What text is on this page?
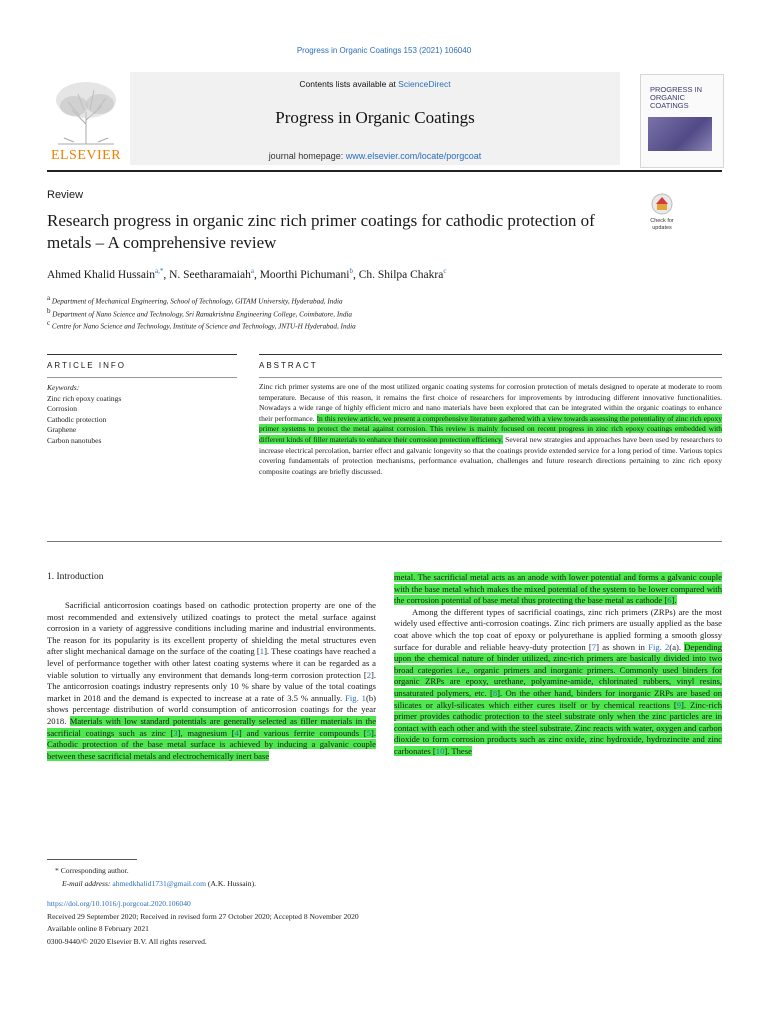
Progress in Organic Coatings 153 (2021) 106040
Contents lists available at ScienceDirect
Progress in Organic Coatings
journal homepage: www.elsevier.com/locate/porgcoat
ELSEVIER
PROGRESS IN ORGANIC COATINGS
Review
Research progress in organic zinc rich primer coatings for cathodic protection of metals – A comprehensive review
Check for
updates
Ahmed Khalid Hussain$^{a,*}$, N. Seetharamaiah$^a$, Moorthi Pichumani$^b$, Ch. Shilpa Chakra$^c$
a Department of Mechanical Engineering, School of Technology, GITAM University, Hyderabad, India
b Department of Nano Science and Technology, Sri Ramakrishna Engineering College, Coimbatore, India
c Centre for Nano Science and Technology, Institute of Science and Technology, JNTU-H Hyderabad, India
ARTICLE INFO	ABSTRACT
Keywords:
Zinc rich epoxy coatings
Corrosion
Cathodic protection
Graphene
Carbon nanotubes
Zinc rich primer systems are one of the most utilized organic coating systems for corrosion protection of metals designed to operate at moderate to room temperature. Because of this reason, it remains the first choice of researchers for improvements by introducing different innovative functionalities. Nowadays a wide range of highly efficient micro and nano materials have been explored that can be integrated within the organic coatings to enhance their performance. In this review article, we present a comprehensive literature gathered with a view towards assessing the potentiality of zinc rich epoxy primer systems to protect the metal against corrosion. This review is mainly focused on recent progress in zinc rich epoxy coatings embedded with different kinds of filler materials to enhance their corrosion protection efficiency. Several new strategies and approaches have been used by researchers to increase electrical percolation, barrier effect and galvanic longevity so that the coatings provide extended service for a long period of time. Various topics covering fundamentals of protection mechanisms, performance evaluation, challenges and future research directions pertaining to zinc rich epoxy composite coatings are briefly discussed.
1. Introduction
Sacrificial anticorrosion coatings based on cathodic protection property are one of the most recommended and extensively utilized coatings to protect the metal surface against corrosion in a variety of aggressive conditions including marine and industrial environments. The reason for its popularity is its excellent property of shielding the metal structures even after slight mechanical damage on the surface of the coating [1]. These coatings have reached a level of performance together with other latest coating systems where it can be regarded as a viable solution to virtually any environment that demands long-term corrosion protection [2]. The anticorrosion coatings industry represents only 10 % share by value of the total coatings market in 2018 and the demand is expected to increase at a rate of 3.5 % annually. Fig. 1(b) shows percentage distribution of world consumption of anticorrosion coatings for the year 2018. Materials with low standard potentials are generally selected as filler materials in the sacrificial coatings such as zinc [3], magnesium [4] and various ferrite compounds [5]. Cathodic protection of the base metal surface is achieved by inducing a galvanic couple between these sacrificial metals and electrochemically inert base
metal. The sacrificial metal acts as an anode with lower potential and forms a galvanic couple with the base metal which makes the mixed potential of the system to be lower compared with the corrosion potential of base metal thus protecting the base metal as cathode [6].
Among the different types of sacrificial coatings, zinc rich primers (ZRPs) are the most widely used effective anti-corrosion coatings. Zinc rich primers are usually applied as the base coat above which the top coat of epoxy or polyurethane is applied forming a smooth glossy surface for durable and reliable heavy-duty protection [7] as shown in Fig. 2(a). Depending upon the chemical nature of binder utilized, zinc-rich primers are basically divided into two broad categories i.e., organic primers and inorganic primers. Commonly used binders for organic ZRPs are epoxy, urethane, polyamine-amide, chlorinated rubbers, vinyl resins, unsaturated polymers, etc. [8]. On the other hand, binders for inorganic ZRPs are based on silicates or alkyl-silicates which either cures itself or by chemical reactions [9]. Zinc-rich primer provides cathodic protection to the steel substrate only when the zinc particles are in contact with each other and with the steel substrate. Zinc reacts with water, oxygen and carbon dioxide to form corrosion products such as zinc oxide, zinc hydroxide, hydrozincite and zinc carbonates [10]. These
* Corresponding author.
E-mail address: ahmedkhalid1731@gmail.com (A.K. Hussain).
https://doi.org/10.1016/j.porgcoat.2020.106040
Received 29 September 2020; Received in revised form 27 October 2020; Accepted 8 November 2020
Available online 8 February 2021
0300-9440/© 2020 Elsevier B.V. All rights reserved.
